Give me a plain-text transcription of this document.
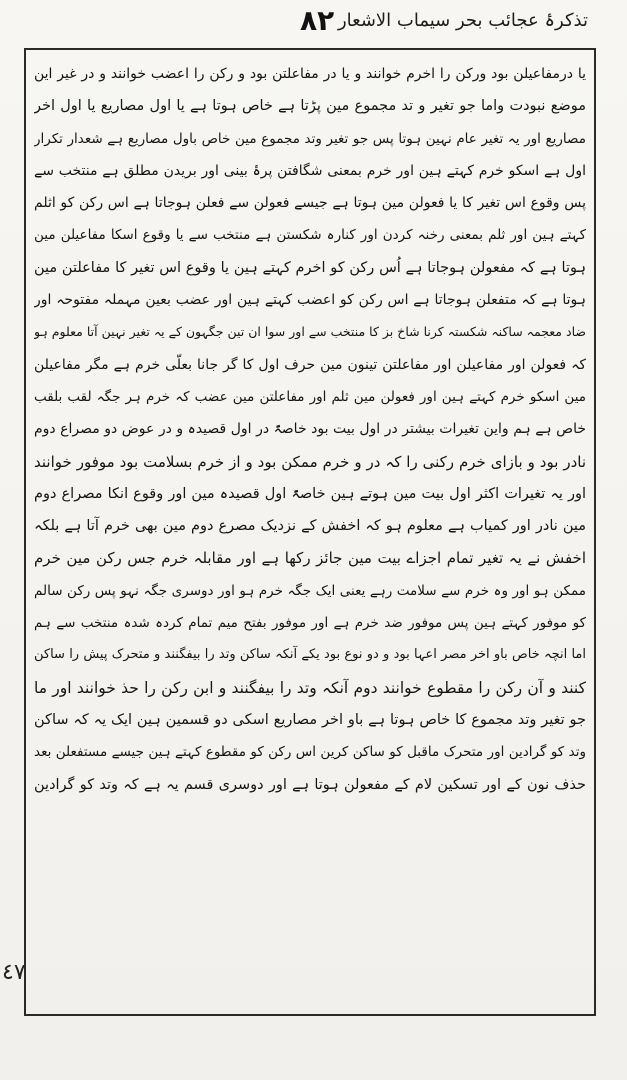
تذکرۂ عجائب بحر سیماب الاشعار
۸۲
یا درمفاعیلن بود ورکن را اخرم خوانند و یا در مفاعلتن بود و رکن را اعضب خوانند و در غیر این
موضع نبودت واما جو تغیر و تد مجموع مین پڑتا ہے خاص ہوتا ہے یا اول مصاریع یا اول اخر
مصاریع اور یہ تغیر عام نہین ہوتا پس جو تغیر وتد مجموع مین خاص باول مصاریع ہے شعدار تکرار
اول ہے اسکو خرم کہتے ہین اور خرم بمعنی شگافتن پرۂ بینی اور بریدن مطلق ہے منتخب سے
پس وقوع اس تغیر کا یا فعولن مین ہوتا ہے جیسے فعولن سے فعلن ہوجاتا ہے اس رکن کو اثلم
کہتے ہین اور ثلم بمعنی رخنہ کردن اور کنارہ شکستن ہے منتخب سے یا وقوع اسکا مفاعیلن مین
ہوتا ہے کہ مفعولن ہوجاتا ہے اُس رکن کو اخرم کہتے ہین یا وقوع اس تغیر کا مفاعلتن مین
ہوتا ہے کہ متفعلن ہوجاتا ہے اس رکن کو اعضب کہتے ہین اور عضب بعین مہملہ مفتوحہ اور
ضاد معجمہ ساکنہ شکستہ کرنا شاخ بز کا منتخب سے اور سوا ان تین جگہون کے یہ تغیر نہین آتا معلوم ہو
کہ فعولن اور مفاعیلن اور مفاعلتن تینون مین حرف اول کا گر جانا بعلّی خرم ہے مگر مفاعیلن
مین اسکو خرم کہتے ہین اور فعولن مین ثلم اور مفاعلتن مین عضب کہ خرم ہر جگہ لقب بلقب
خاص ہے ہم واین تغیرات بیشتر در اول بیت بود خاصۃً در اول قصیدہ و در عوض دو مصراع دوم
نادر بود و بازای خرم رکنی را کہ در و خرم ممکن بود و از خرم بسلامت بود موفور خوانند
اور یہ تغیرات اکثر اول بیت مین ہوتے ہین خاصۃً اول قصیدہ مین اور وقوع انکا مصراع دوم
مین نادر اور کمیاب ہے معلوم ہو کہ اخفش کے نزدیک مصرع دوم مین بھی خرم آتا ہے بلکہ
اخفش نے یہ تغیر تمام اجزاے بیت مین جائز رکھا ہے اور مقابلہ خرم جس رکن مین خرم
ممکن ہو اور وہ خرم سے سلامت رہے یعنی ایک جگہ خرم ہو اور دوسری جگہ نہو پس رکن سالم
کو موفور کہتے ہین پس موفور ضد خرم ہے اور موفور بفتح میم تمام کردہ شدہ منتخب سے ہم
اما انچہ خاص باو اخر مصر اعہا بود و دو نوع بود یکے آنکہ ساکن وتد را بیفگنند و متحرک پیش را ساکن
کنند و آن رکن را مقطوع خوانند دوم آنکہ وتد را بیفگنند و ابن رکن را حذ خوانند اور ما
جو تغیر وتد مجموع کا خاص ہوتا ہے باو اخر مصاریع اسکی دو قسمین ہین ایک یہ کہ ساکن
وتد کو گرادین اور متحرک ماقبل کو ساکن کرین اس رکن کو مقطوع کہتے ہین جیسے مستفعلن بعد
حذف نون کے اور تسکین لام کے مفعولن ہوتا ہے اور دوسری قسم یہ ہے کہ وتد کو گرادین
٤۷
